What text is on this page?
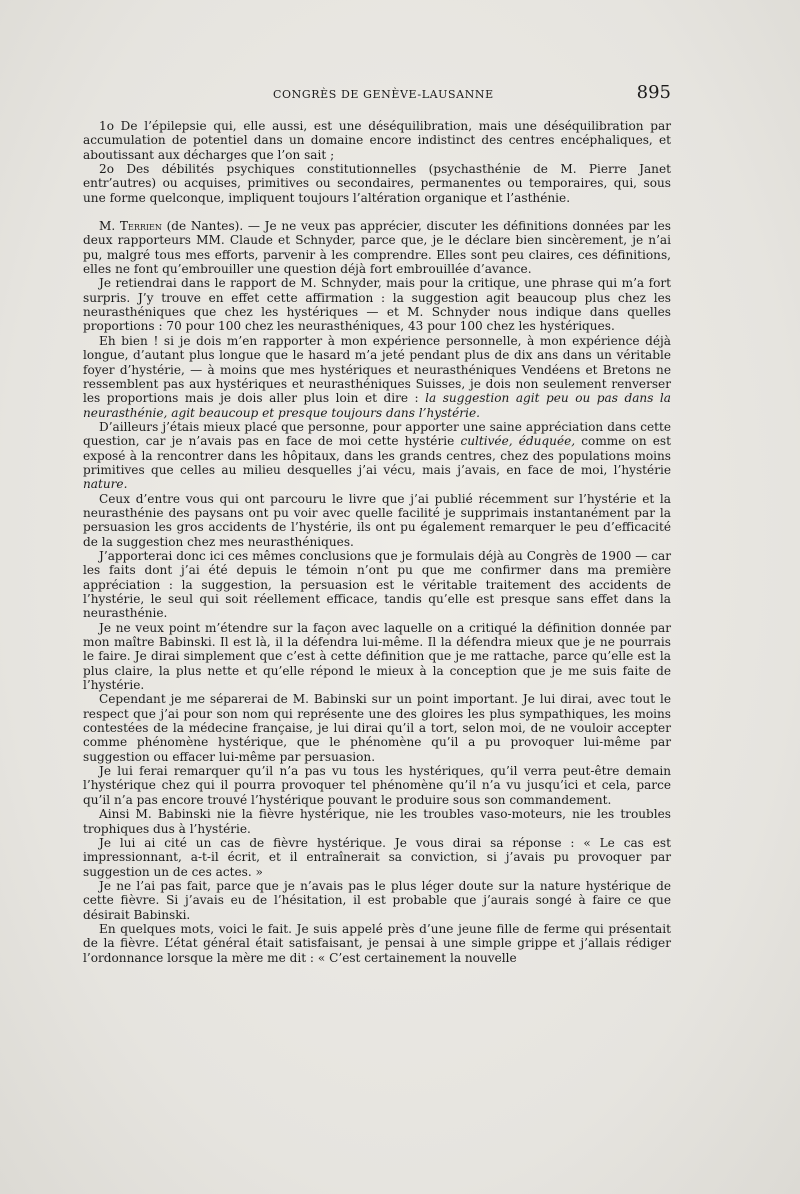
CONGRÈS DE GENÈVE-LAUSANNE	895

1o De l’épilepsie qui, elle aussi, est une déséquilibration, mais une déséquilibration par accumulation de potentiel dans un domaine encore indistinct des centres encéphaliques, et aboutissant aux décharges que l’on sait ;

2o Des débilités psychiques constitutionnelles (psychasthénie de M. Pierre Janet entr’autres) ou acquises, primitives ou secondaires, permanentes ou temporaires, qui, sous une forme quelconque, impliquent toujours l’altération organique et l’asthénie.

M. Terrien (de Nantes). — Je ne veux pas apprécier, discuter les définitions données par les deux rapporteurs MM. Claude et Schnyder, parce que, je le déclare bien sincèrement, je n’ai pu, malgré tous mes efforts, parvenir à les comprendre. Elles sont peu claires, ces définitions, elles ne font qu’embrouiller une question déjà fort embrouillée d’avance.

Je retiendrai dans le rapport de M. Schnyder, mais pour la critique, une phrase qui m’a fort surpris. J’y trouve en effet cette affirmation : la suggestion agit beaucoup plus chez les neurasthéniques que chez les hystériques — et M. Schnyder nous indique dans quelles proportions : 70 pour 100 chez les neurasthéniques, 43 pour 100 chez les hystériques.

Eh bien ! si je dois m’en rapporter à mon expérience personnelle, à mon expérience déjà longue, d’autant plus longue que le hasard m’a jeté pendant plus de dix ans dans un véritable foyer d’hystérie, — à moins que mes hystériques et neurasthéniques Vendéens et Bretons ne ressemblent pas aux hystériques et neurasthéniques Suisses, je dois non seulement renverser les proportions mais je dois aller plus loin et dire : la suggestion agit peu ou pas dans la neurasthénie, agit beaucoup et presque toujours dans l’hystérie.

D’ailleurs j’étais mieux placé que personne, pour apporter une saine appréciation dans cette question, car je n’avais pas en face de moi cette hystérie cultivée, éduquée, comme on est exposé à la rencontrer dans les hôpitaux, dans les grands centres, chez des populations moins primitives que celles au milieu desquelles j’ai vécu, mais j’avais, en face de moi, l’hystérie nature.

Ceux d’entre vous qui ont parcouru le livre que j’ai publié récemment sur l’hystérie et la neurasthénie des paysans ont pu voir avec quelle facilité je supprimais instantanément par la persuasion les gros accidents de l’hystérie, ils ont pu également remarquer le peu d’efficacité de la suggestion chez mes neurasthéniques.

J’apporterai donc ici ces mêmes conclusions que je formulais déjà au Congrès de 1900 — car les faits dont j’ai été depuis le témoin n’ont pu que me confirmer dans ma première appréciation : la suggestion, la persuasion est le véritable traitement des accidents de l’hystérie, le seul qui soit réellement efficace, tandis qu’elle est presque sans effet dans la neurasthénie.

Je ne veux point m’étendre sur la façon avec laquelle on a critiqué la définition donnée par mon maître Babinski. Il est là, il la défendra lui-même. Il la défendra mieux que je ne pourrais le faire. Je dirai simplement que c’est à cette définition que je me rattache, parce qu’elle est la plus claire, la plus nette et qu’elle répond le mieux à la conception que je me suis faite de l’hystérie.

Cependant je me séparerai de M. Babinski sur un point important. Je lui dirai, avec tout le respect que j’ai pour son nom qui représente une des gloires les plus sympathiques, les moins contestées de la médecine française, je lui dirai qu’il a tort, selon moi, de ne vouloir accepter comme phénomène hystérique, que le phénomène qu’il a pu provoquer lui-même par suggestion ou effacer lui-même par persuasion.

Je lui ferai remarquer qu’il n’a pas vu tous les hystériques, qu’il verra peut-être demain l’hystérique chez qui il pourra provoquer tel phénomène qu’il n’a vu jusqu’ici et cela, parce qu’il n’a pas encore trouvé l’hystérique pouvant le produire sous son commandement.

Ainsi M. Babinski nie la fièvre hystérique, nie les troubles vaso-moteurs, nie les troubles trophiques dus à l’hystérie.

Je lui ai cité un cas de fièvre hystérique. Je vous dirai sa réponse : « Le cas est impressionnant, a-t-il écrit, et il entraînerait sa conviction, si j’avais pu provoquer par suggestion un de ces actes. »

Je ne l’ai pas fait, parce que je n’avais pas le plus léger doute sur la nature hystérique de cette fièvre. Si j’avais eu de l’hésitation, il est probable que j’aurais songé à faire ce que désirait Babinski.

En quelques mots, voici le fait. Je suis appelé près d’une jeune fille de ferme qui présentait de la fièvre. L’état général était satisfaisant, je pensai à une simple grippe et j’allais rédiger l’ordonnance lorsque la mère me dit : « C’est certainement la nouvelle
